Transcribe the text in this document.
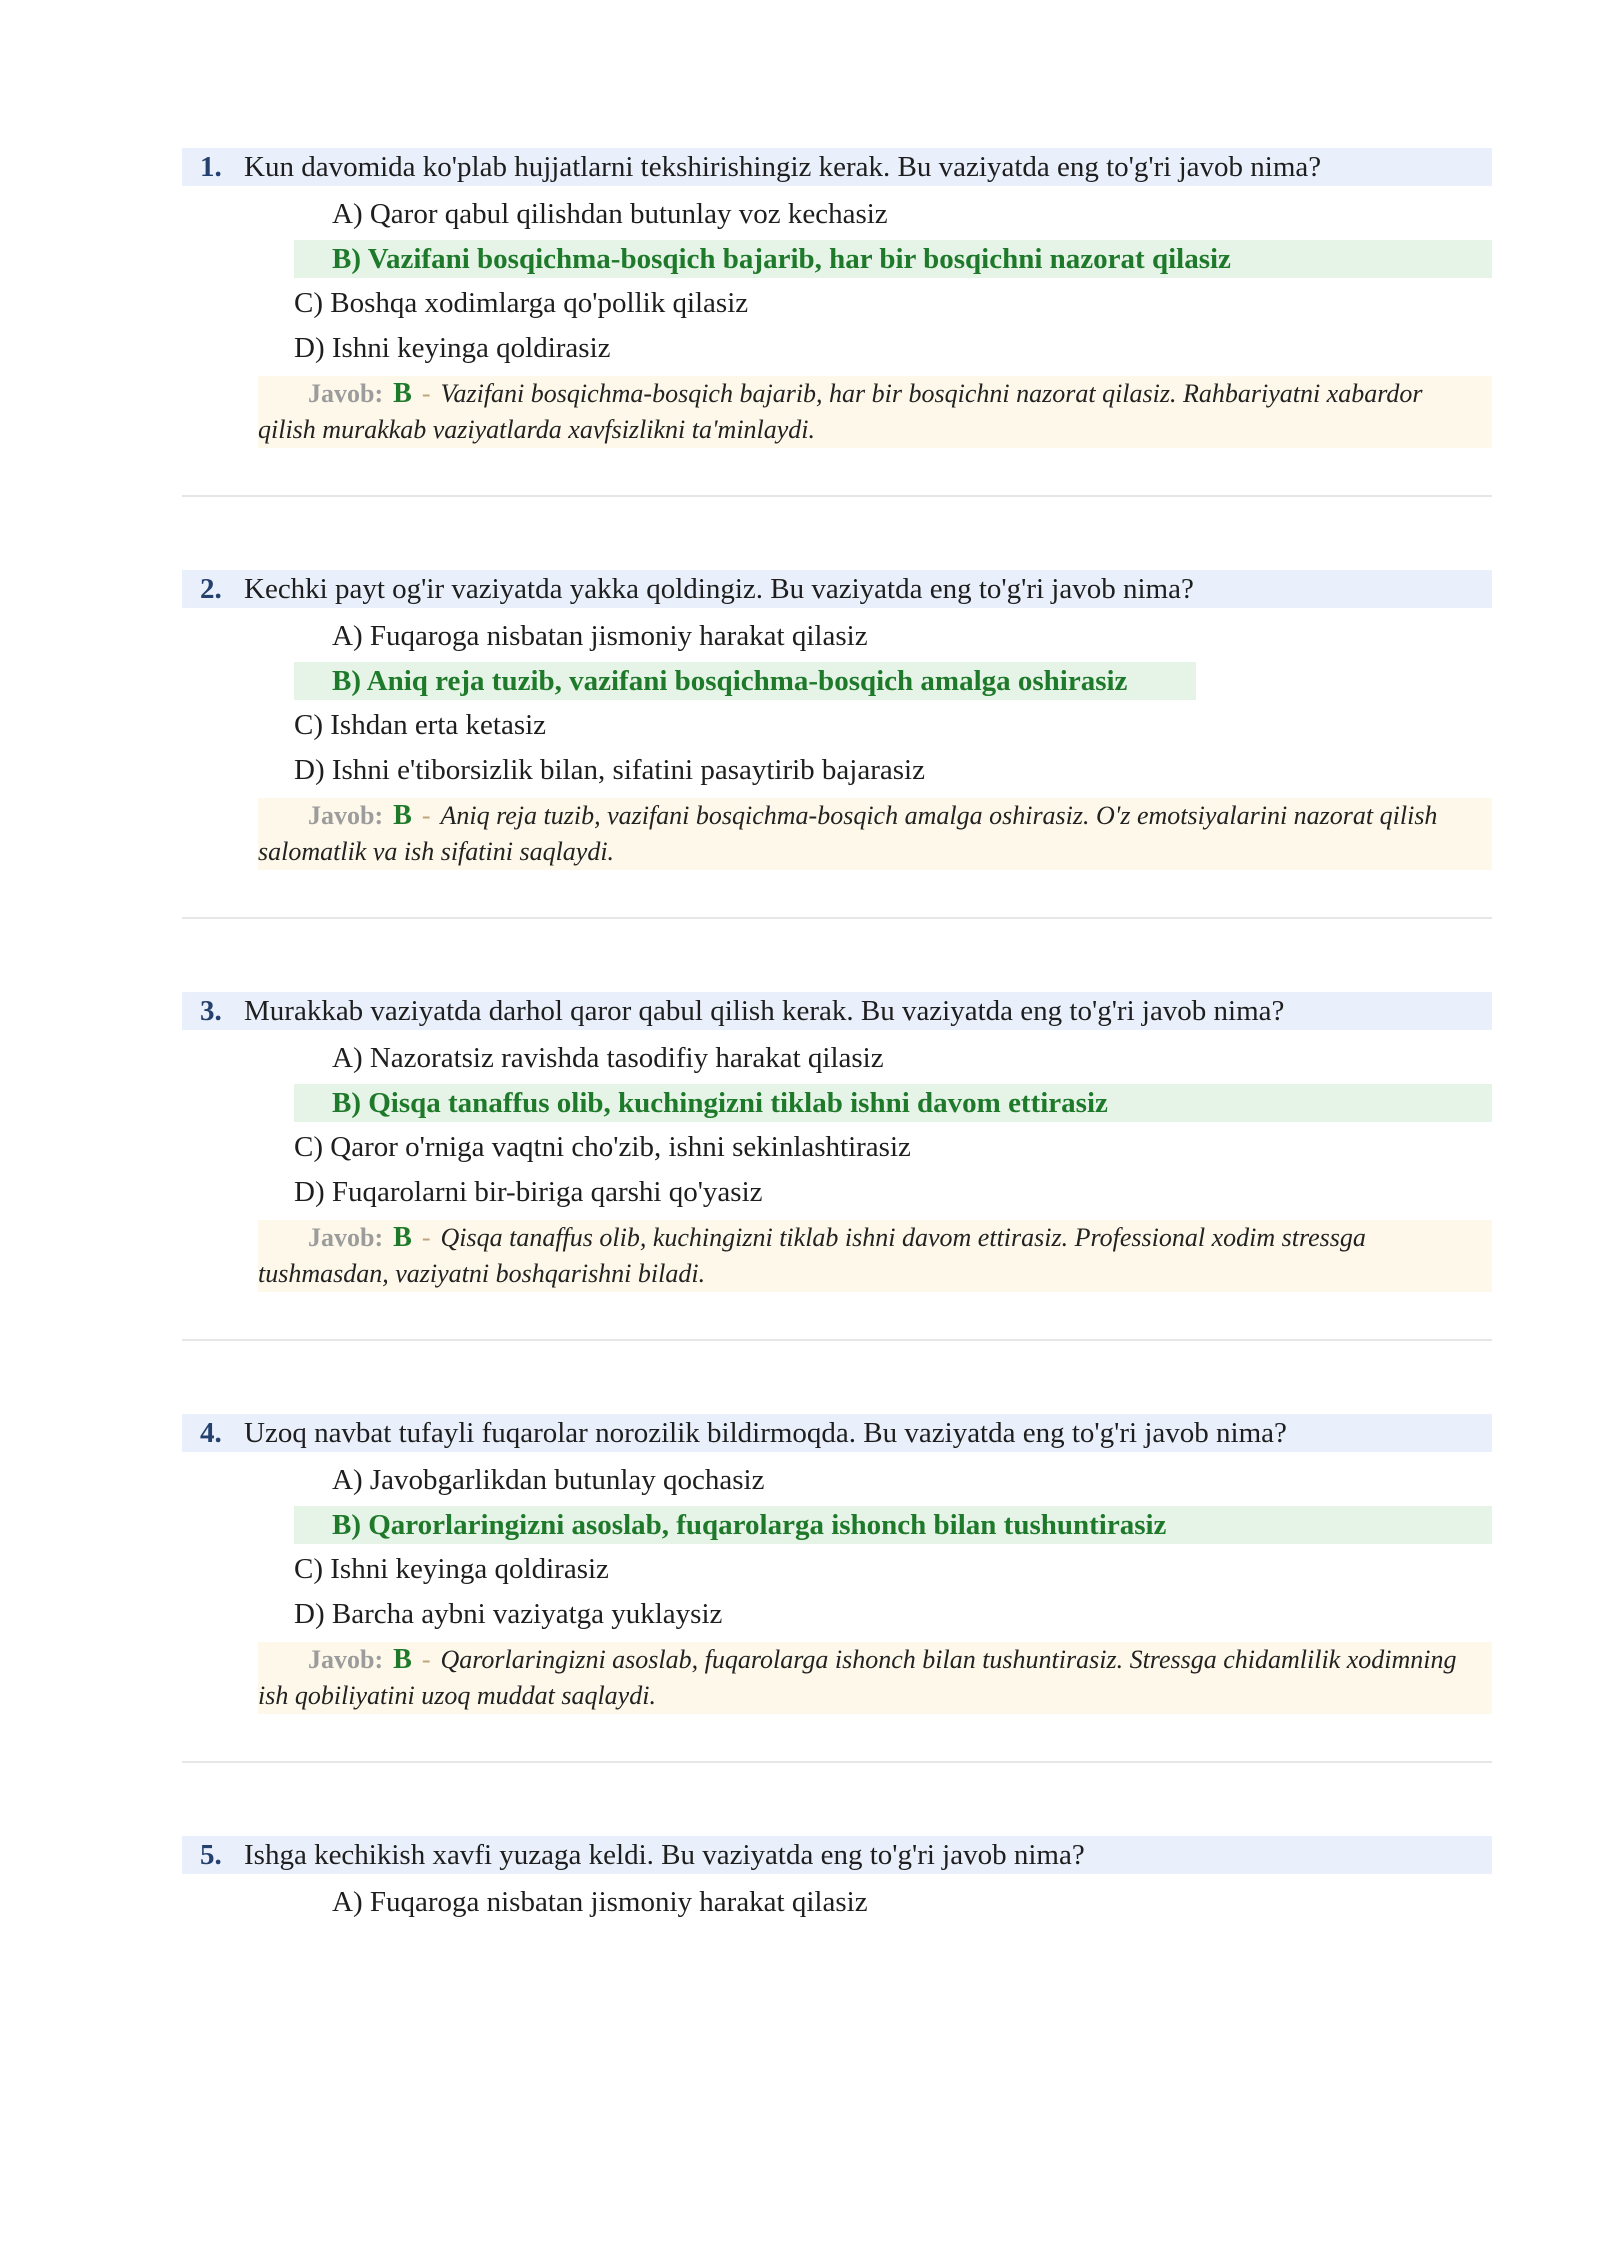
1. Kun davomida ko'plab hujjatlarni tekshirishingiz kerak. Bu vaziyatda eng to'g'ri javob nima?
A) Qaror qabul qilishdan butunlay voz kechasiz
B) Vazifani bosqichma-bosqich bajarib, har bir bosqichni nazorat qilasiz
C) Boshqa xodimlarga qo'pollik qilasiz
D) Ishni keyinga qoldirasiz

Javob: B - Vazifani bosqichma-bosqich bajarib, har bir bosqichni nazorat qilasiz. Rahbariyatni xabardor qilish murakkab vaziyatlarda xavfsizlikni ta'minlaydi.

2. Kechki payt og'ir vaziyatda yakka qoldingiz. Bu vaziyatda eng to'g'ri javob nima?
A) Fuqaroga nisbatan jismoniy harakat qilasiz
B) Aniq reja tuzib, vazifani bosqichma-bosqich amalga oshirasiz
C) Ishdan erta ketasiz
D) Ishni e'tiborsizlik bilan, sifatini pasaytirib bajarasiz

Javob: B - Aniq reja tuzib, vazifani bosqichma-bosqich amalga oshirasiz. O'z emotsiyalarini nazorat qilish salomatlik va ish sifatini saqlaydi.

3. Murakkab vaziyatda darhol qaror qabul qilish kerak. Bu vaziyatda eng to'g'ri javob nima?
A) Nazoratsiz ravishda tasodifiy harakat qilasiz
B) Qisqa tanaffus olib, kuchingizni tiklab ishni davom ettirasiz
C) Qaror o'rniga vaqtni cho'zib, ishni sekinlashtirasiz
D) Fuqarolarni bir-biriga qarshi qo'yasiz

Javob: B - Qisqa tanaffus olib, kuchingizni tiklab ishni davom ettirasiz. Professional xodim stressga tushmasdan, vaziyatni boshqarishni biladi.

4. Uzoq navbat tufayli fuqarolar norozilik bildirmoqda. Bu vaziyatda eng to'g'ri javob nima?
A) Javobgarlikdan butunlay qochasiz
B) Qarorlaringizni asoslab, fuqarolarga ishonch bilan tushuntirasiz
C) Ishni keyinga qoldirasiz
D) Barcha aybni vaziyatga yuklaysiz

Javob: B - Qarorlaringizni asoslab, fuqarolarga ishonch bilan tushuntirasiz. Stressga chidamlilik xodimning ish qobiliyatini uzoq muddat saqlaydi.

5. Ishga kechikish xavfi yuzaga keldi. Bu vaziyatda eng to'g'ri javob nima?
A) Fuqaroga nisbatan jismoniy harakat qilasiz
